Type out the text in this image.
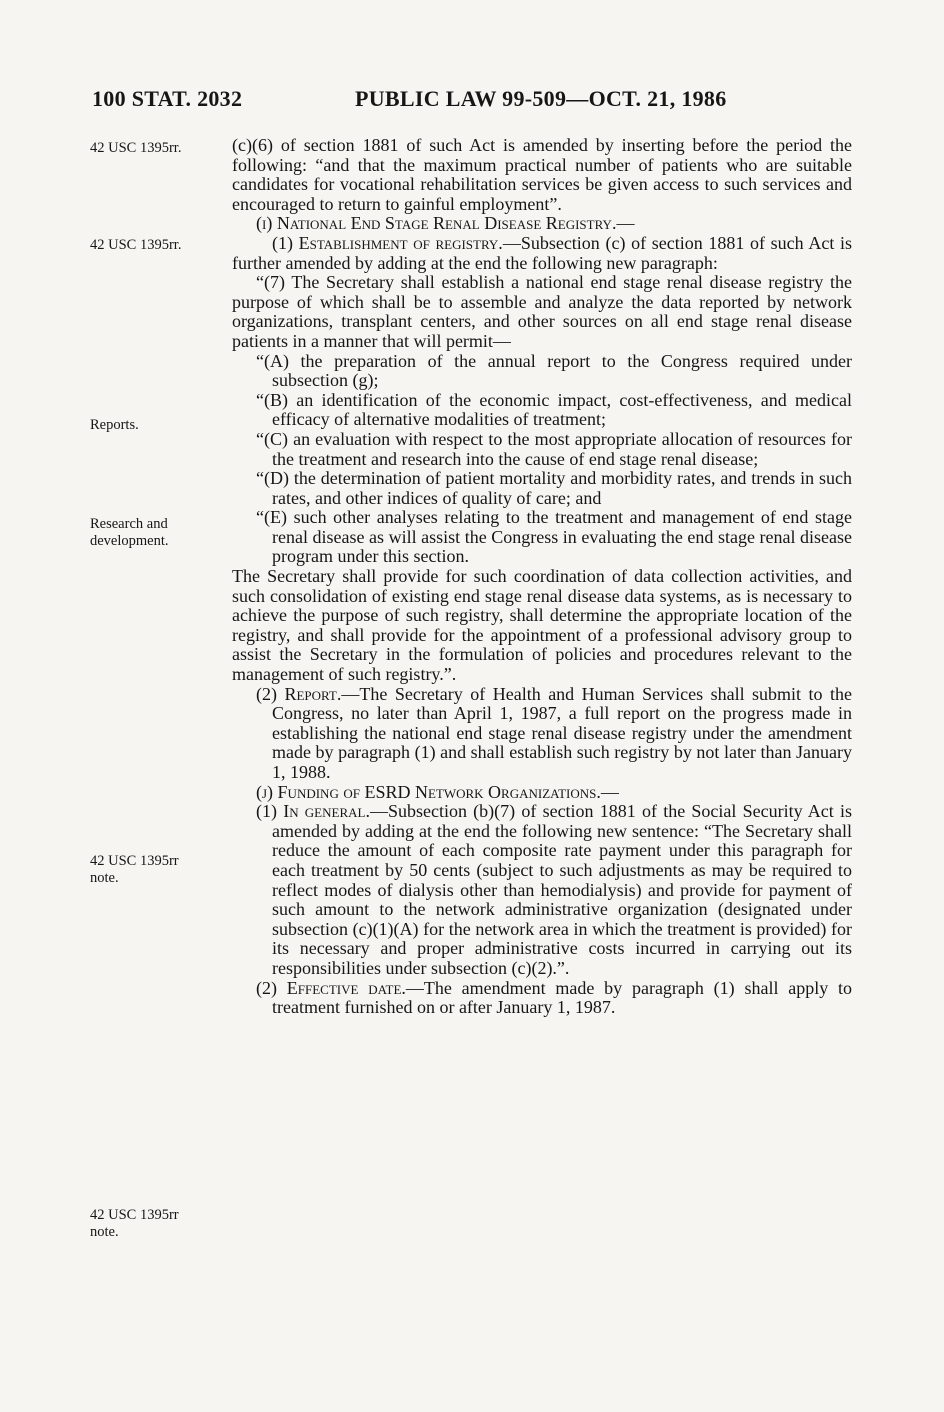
100 STAT. 2032	PUBLIC LAW 99-509—OCT. 21, 1986
42 USC 1395rr.
42 USC 1395rr.
Reports.
Research and development.
42 USC 1395rr note.
42 USC 1395rr note.

(c)(6) of section 1881 of such Act is amended by inserting before the period the following: “and that the maximum practical number of patients who are suitable candidates for vocational rehabilitation services be given access to such services and encouraged to return to gainful employment”.

(i) National End Stage Renal Disease Registry.—

(1) Establishment of registry.—Subsection (c) of section 1881 of such Act is further amended by adding at the end the following new paragraph:

“(7) The Secretary shall establish a national end stage renal disease registry the purpose of which shall be to assemble and analyze the data reported by network organizations, transplant centers, and other sources on all end stage renal disease patients in a manner that will permit—

“(A) the preparation of the annual report to the Congress required under subsection (g);

“(B) an identification of the economic impact, cost-effectiveness, and medical efficacy of alternative modalities of treatment;

“(C) an evaluation with respect to the most appropriate allocation of resources for the treatment and research into the cause of end stage renal disease;

“(D) the determination of patient mortality and morbidity rates, and trends in such rates, and other indices of quality of care; and

“(E) such other analyses relating to the treatment and management of end stage renal disease as will assist the Congress in evaluating the end stage renal disease program under this section.

The Secretary shall provide for such coordination of data collection activities, and such consolidation of existing end stage renal disease data systems, as is necessary to achieve the purpose of such registry, shall determine the appropriate location of the registry, and shall provide for the appointment of a professional advisory group to assist the Secretary in the formulation of policies and procedures relevant to the management of such registry.”.

(2) Report.—The Secretary of Health and Human Services shall submit to the Congress, no later than April 1, 1987, a full report on the progress made in establishing the national end stage renal disease registry under the amendment made by paragraph (1) and shall establish such registry by not later than January 1, 1988.

(j) Funding of ESRD Network Organizations.—

(1) In general.—Subsection (b)(7) of section 1881 of the Social Security Act is amended by adding at the end the following new sentence: “The Secretary shall reduce the amount of each composite rate payment under this paragraph for each treatment by 50 cents (subject to such adjustments as may be required to reflect modes of dialysis other than hemodialysis) and provide for payment of such amount to the network administrative organization (designated under subsection (c)(1)(A) for the network area in which the treatment is provided) for its necessary and proper administrative costs incurred in carrying out its responsibilities under subsection (c)(2).”.

(2) Effective date.—The amendment made by paragraph (1) shall apply to treatment furnished on or after January 1, 1987.
